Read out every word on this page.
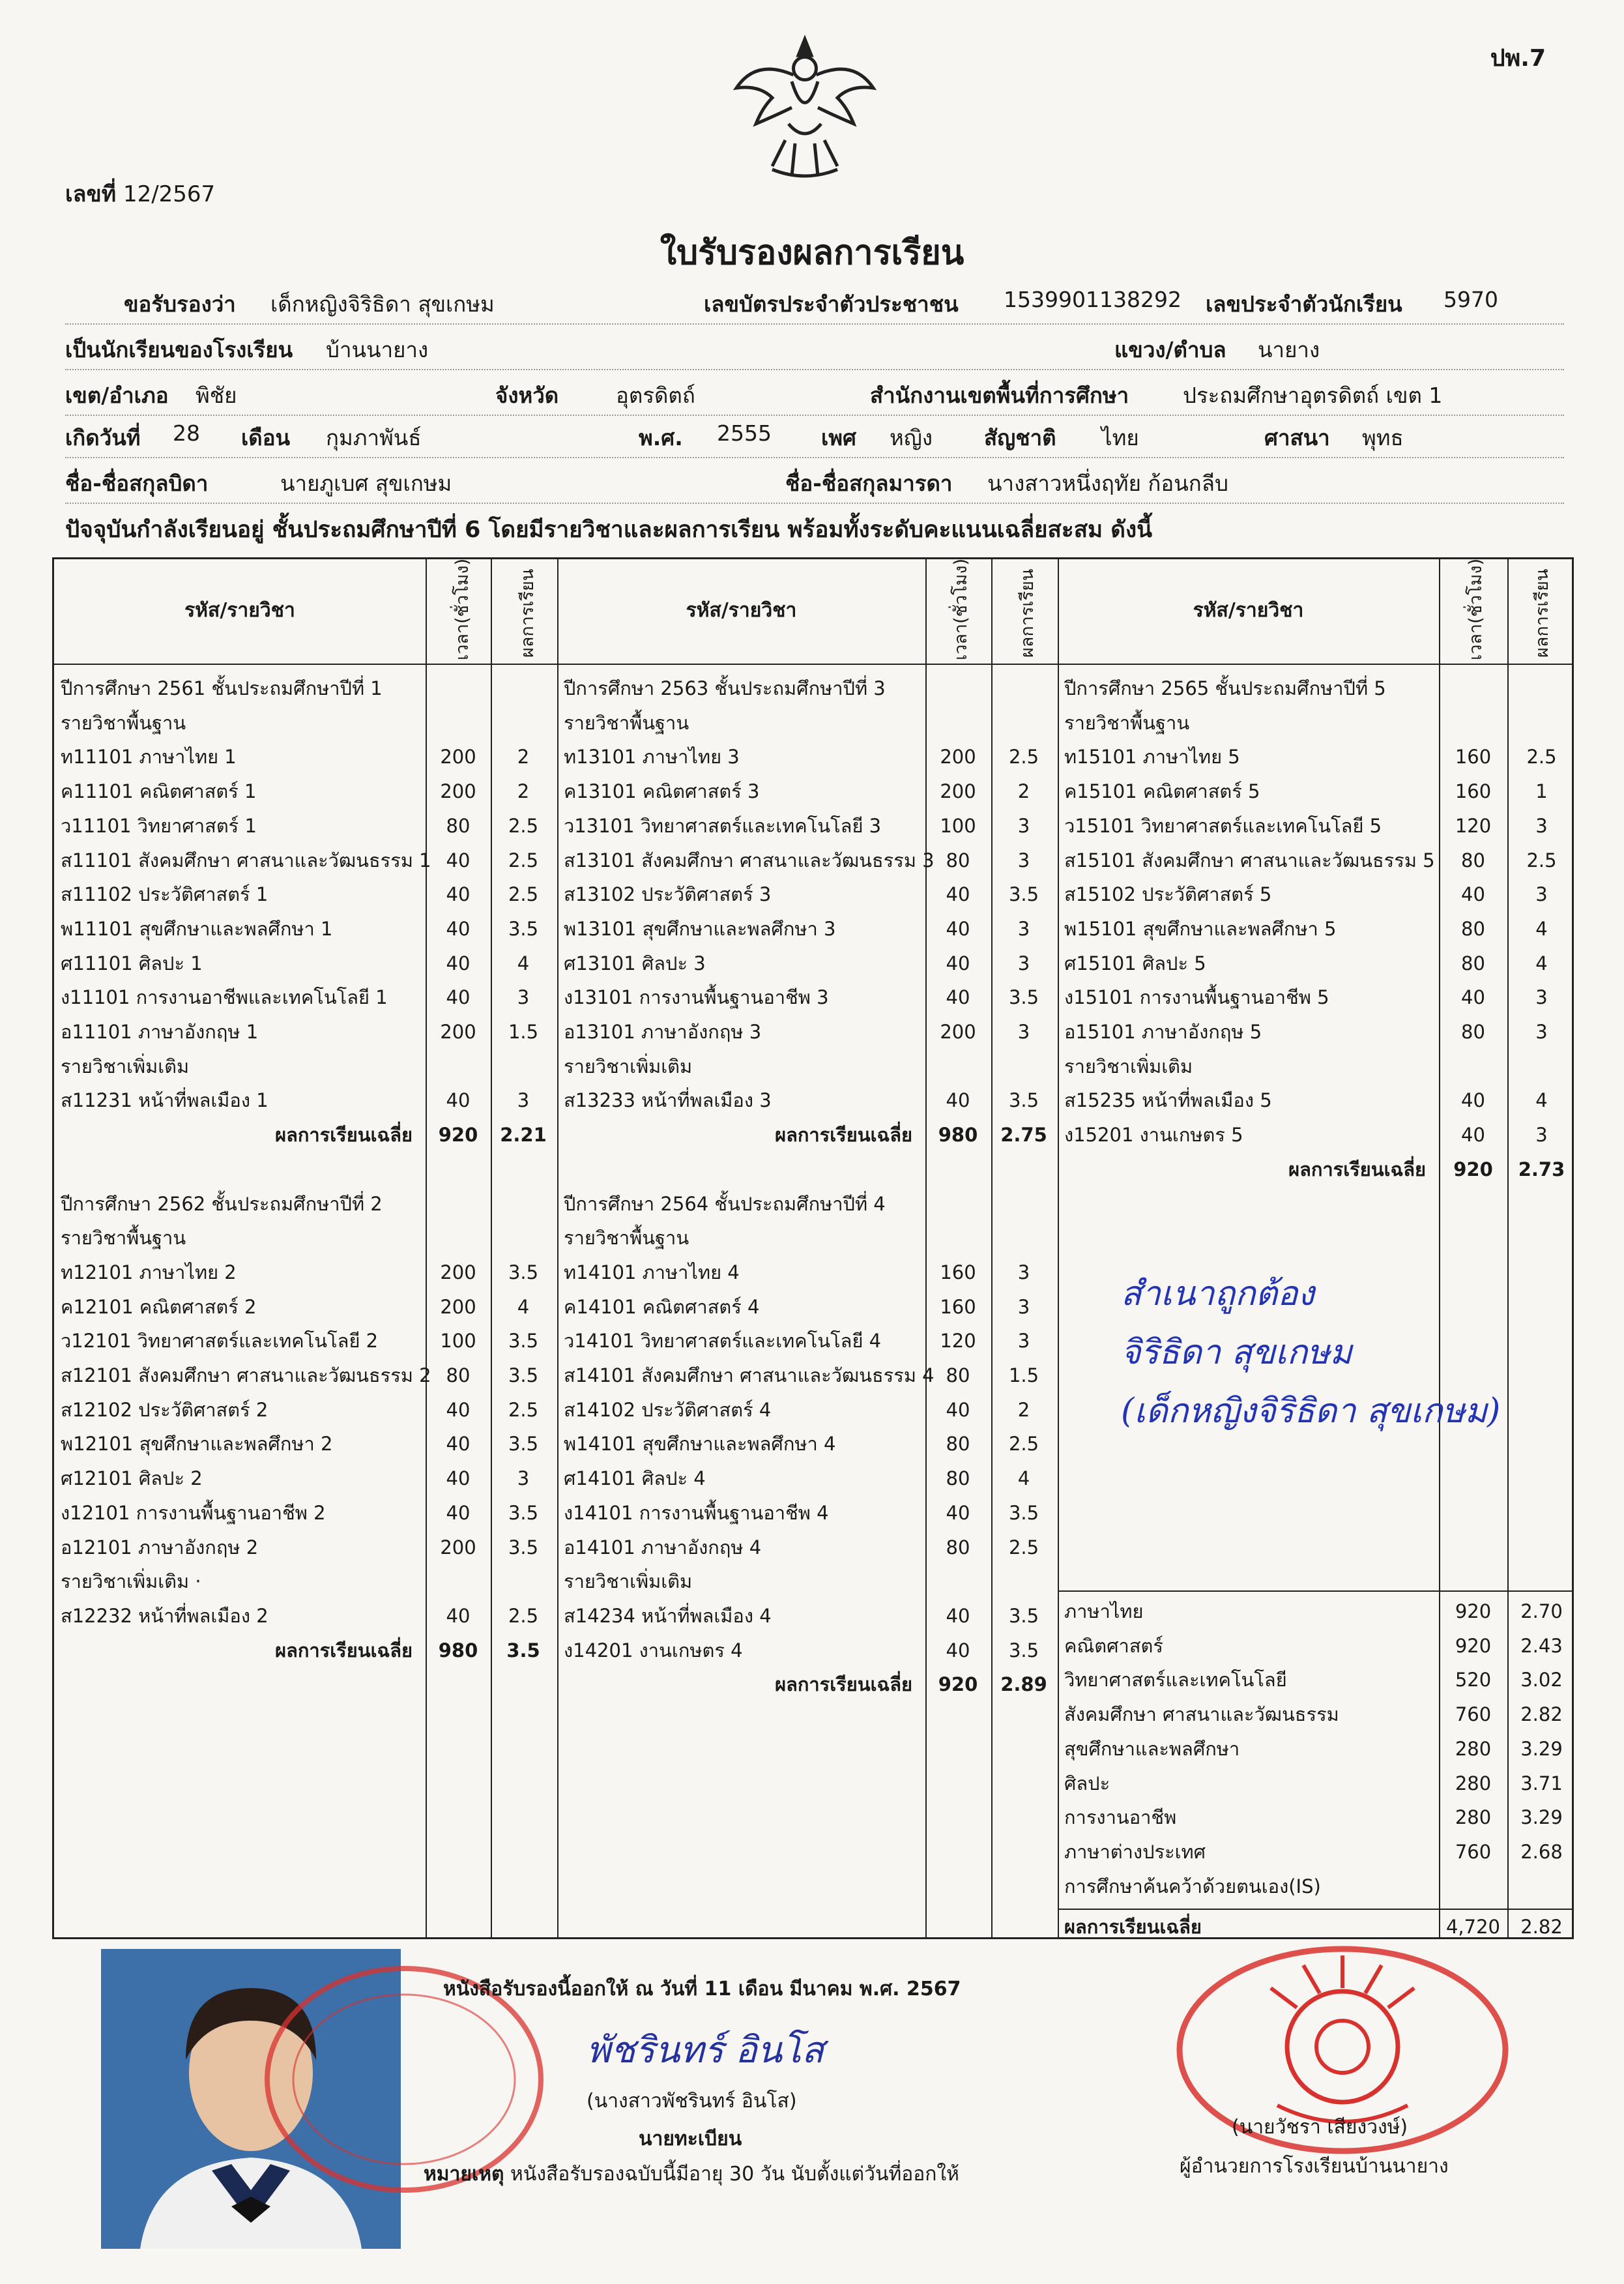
ปพ.7
เลขที่ 12/2567
ใบรับรองผลการเรียน
ขอรับรองว่า เด็กหญิงจิริธิดา สุขเกษม	เลขบัตรประจำตัวประชาชน 1539901138292 เลขประจำตัวนักเรียน 5970
เป็นนักเรียนของโรงเรียน บ้านนายาง	แขวง/ตำบล นายาง
เขต/อำเภอ พิชัย	จังหวัด	อุตรดิตถ์	สำนักงานเขตพื้นที่การศึกษา	ประถมศึกษาอุตรดิตถ์ เขต 1
เกิดวันที่ 28 เดือน กุมภาพันธ์	พ.ศ. 2555 เพศ หญิง สัญชาติ ไทย	ศาสนา พุทธ
ชื่อ-ชื่อสกุลบิดา	นายภูเบศ สุขเกษม	ชื่อ-ชื่อสกุลมารดา นางสาวหนึ่งฤทัย ก้อนกลีบ
ปัจจุบันกำลังเรียนอยู่ ชั้นประถมศึกษาปีที่ 6 โดยมีรายวิชาและผลการเรียน พร้อมทั้งระดับคะแนนเฉลี่ยสะสม ดังนี้
รหัส/รายวิชา	เวลา(ชั่วโมง)	ผลการเรียน	รหัส/รายวิชา	เวลา(ชั่วโมง)	ผลการเรียน	รหัส/รายวิชา	เวลา(ชั่วโมง)	ผลการเรียน
ปีการศึกษา 2561 ชั้นประถมศึกษาปีที่ 1
รายวิชาพื้นฐาน
ท11101 ภาษาไทย 1	200	2
ค11101 คณิตศาสตร์ 1	200	2
ว11101 วิทยาศาสตร์ 1	80	2.5
ส11101 สังคมศึกษา ศาสนาและวัฒนธรรม 1 40	2.5
ส11102 ประวัติศาสตร์ 1	40	2.5
พ11101 สุขศึกษาและพลศึกษา 1	40	3.5
ศ11101 ศิลปะ 1	40	4
ง11101 การงานอาชีพและเทคโนโลยี 1	40	3
อ11101 ภาษาอังกฤษ 1	200	1.5
รายวิชาเพิ่มเติม
ส11231 หน้าที่พลเมือง 1	40	3
ผลการเรียนเฉลี่ย	920	2.21
ปีการศึกษา 2562 ชั้นประถมศึกษาปีที่ 2
รายวิชาพื้นฐาน
ท12101 ภาษาไทย 2	200	3.5
ค12101 คณิตศาสตร์ 2	200	4
ว12101 วิทยาศาสตร์และเทคโนโลยี 2	100	3.5
ส12101 สังคมศึกษา ศาสนาและวัฒนธรรม 2 80	3.5
ส12102 ประวัติศาสตร์ 2	40	2.5
พ12101 สุขศึกษาและพลศึกษา 2	40	3.5
ศ12101 ศิลปะ 2	40	3
ง12101 การงานพื้นฐานอาชีพ 2	40	3.5
อ12101 ภาษาอังกฤษ 2	200	3.5
รายวิชาเพิ่มเติม ·
ส12232 หน้าที่พลเมือง 2	40	2.5
ผลการเรียนเฉลี่ย	980	3.5
ปีการศึกษา 2563 ชั้นประถมศึกษาปีที่ 3
รายวิชาพื้นฐาน
ท13101 ภาษาไทย 3	200	2.5
ค13101 คณิตศาสตร์ 3	200	2
ว13101 วิทยาศาสตร์และเทคโนโลยี 3	100	3
ส13101 สังคมศึกษา ศาสนาและวัฒนธรรม 3 80	3
ส13102 ประวัติศาสตร์ 3	40	3.5
พ13101 สุขศึกษาและพลศึกษา 3	40	3
ศ13101 ศิลปะ 3	40	3
ง13101 การงานพื้นฐานอาชีพ 3	40	3.5
อ13101 ภาษาอังกฤษ 3	200	3
รายวิชาเพิ่มเติม
ส13233 หน้าที่พลเมือง 3	40	3.5
ผลการเรียนเฉลี่ย	980	2.75
ปีการศึกษา 2564 ชั้นประถมศึกษาปีที่ 4
รายวิชาพื้นฐาน
ท14101 ภาษาไทย 4	160	3
ค14101 คณิตศาสตร์ 4	160	3
ว14101 วิทยาศาสตร์และเทคโนโลยี 4	120	3
ส14101 สังคมศึกษา ศาสนาและวัฒนธรรม 4 80	1.5
ส14102 ประวัติศาสตร์ 4	40	2
พ14101 สุขศึกษาและพลศึกษา 4	80	2.5
ศ14101 ศิลปะ 4	80	4
ง14101 การงานพื้นฐานอาชีพ 4	40	3.5
อ14101 ภาษาอังกฤษ 4	80	2.5
รายวิชาเพิ่มเติม
ส14234 หน้าที่พลเมือง 4	40	3.5
ง14201 งานเกษตร 4	40	3.5
ผลการเรียนเฉลี่ย	920	2.89
ปีการศึกษา 2565 ชั้นประถมศึกษาปีที่ 5
รายวิชาพื้นฐาน
ท15101 ภาษาไทย 5	160	2.5
ค15101 คณิตศาสตร์ 5	160	1
ว15101 วิทยาศาสตร์และเทคโนโลยี 5	120	3
ส15101 สังคมศึกษา ศาสนาและวัฒนธรรม 5	80	2.5
ส15102 ประวัติศาสตร์ 5	40	3
พ15101 สุขศึกษาและพลศึกษา 5	80	4
ศ15101 ศิลปะ 5	80	4
ง15101 การงานพื้นฐานอาชีพ 5	40	3
อ15101 ภาษาอังกฤษ 5	80	3
รายวิชาเพิ่มเติม
ส15235 หน้าที่พลเมือง 5	40	4
ง15201 งานเกษตร 5	40	3
ผลการเรียนเฉลี่ย	920	2.73
ภาษาไทย	920	2.70
คณิตศาสตร์	920	2.43
วิทยาศาสตร์และเทคโนโลยี	520	3.02
สังคมศึกษา ศาสนาและวัฒนธรรม	760	2.82
สุขศึกษาและพลศึกษา	280	3.29
ศิลปะ	280	3.71
การงานอาชีพ	280	3.29
ภาษาต่างประเทศ	760	2.68
การศึกษาค้นคว้าด้วยตนเอง(IS)
ผลการเรียนเฉลี่ย	4,720	2.82
สำเนาถูกต้อง
จิริธิดา สุขเกษม
(เด็กหญิงจิริธิดา สุขเกษม)
หนังสือรับรองนี้ออกให้ ณ วันที่ 11 เดือน มีนาคม พ.ศ. 2567
พัชรินทร์ อินโส
(นางสาวพัชรินทร์ อินโส)
นายทะเบียน
หมายเหตุ หนังสือรับรองฉบับนี้มีอายุ 30 วัน นับตั้งแต่วันที่ออกให้
(นายวัชรา เสียงวงษ์)
ผู้อำนวยการโรงเรียนบ้านนายาง
